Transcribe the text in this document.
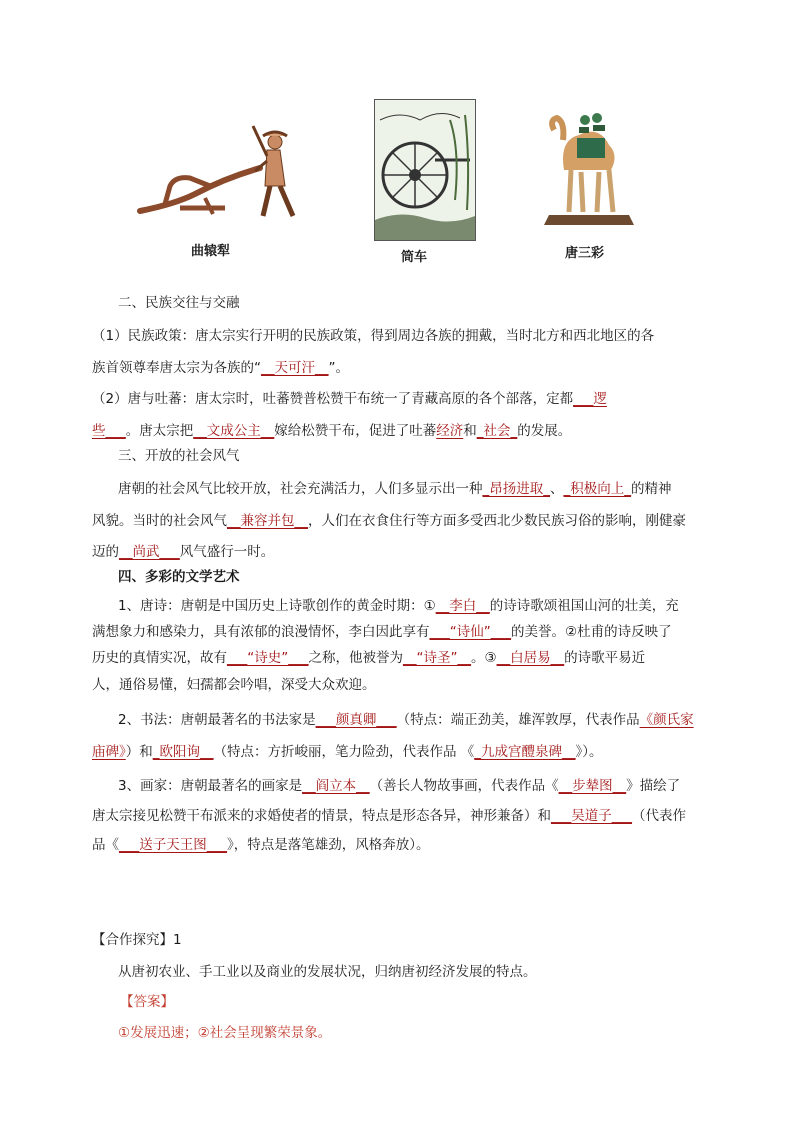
曲辕犁	筒车	唐三彩
二、民族交往与交融
（1）民族政策：唐太宗实行开明的民族政策，得到周边各族的拥戴，当时北方和西北地区的各
族首领尊奉唐太宗为各族的“__天可汗__”。
（2）唐与吐蕃：唐太宗时，吐蕃赞普松赞干布统一了青藏高原的各个部落，定都___逻
些___。唐太宗把__文成公主__嫁给松赞干布，促进了吐蕃经济和_社会_的发展。
三、开放的社会风气
唐朝的社会风气比较开放，社会充满活力，人们多显示出一种_昂扬进取_、_积极向上_的精神
风貌。当时的社会风气__兼容并包__，人们在衣食住行等方面多受西北少数民族习俗的影响，刚健豪
迈的__尚武___风气盛行一时。
四、多彩的文学艺术
1、唐诗：唐朝是中国历史上诗歌创作的黄金时期：①__李白__的诗诗歌颂祖国山河的壮美，充
满想象力和感染力，具有浓郁的浪漫情怀，李白因此享有___“诗仙”___的美誉。②杜甫的诗反映了
历史的真情实况，故有___“诗史”___之称，他被誉为__“诗圣”__。③__白居易__的诗歌平易近
人，通俗易懂，妇孺都会吟唱，深受大众欢迎。
2、书法：唐朝最著名的书法家是___颜真卿___（特点：端正劲美，雄浑敦厚，代表作品《颜氏家
庙碑》）和_欧阳询__（特点：方折峻丽，笔力险劲，代表作品 《_九成宫醴泉碑__》）。
3、画家：唐朝最著名的画家是__阎立本__（善长人物故事画，代表作品《__步辇图__》描绘了
唐太宗接见松赞干布派来的求婚使者的情景，特点是形态各异，神形兼备）和___吴道子___（代表作
品《___送子天王图___》，特点是落笔雄劲，风格奔放）。
【合作探究】1
从唐初农业、手工业以及商业的发展状况，归纳唐初经济发展的特点。
【答案】
①发展迅速；②社会呈现繁荣景象。
